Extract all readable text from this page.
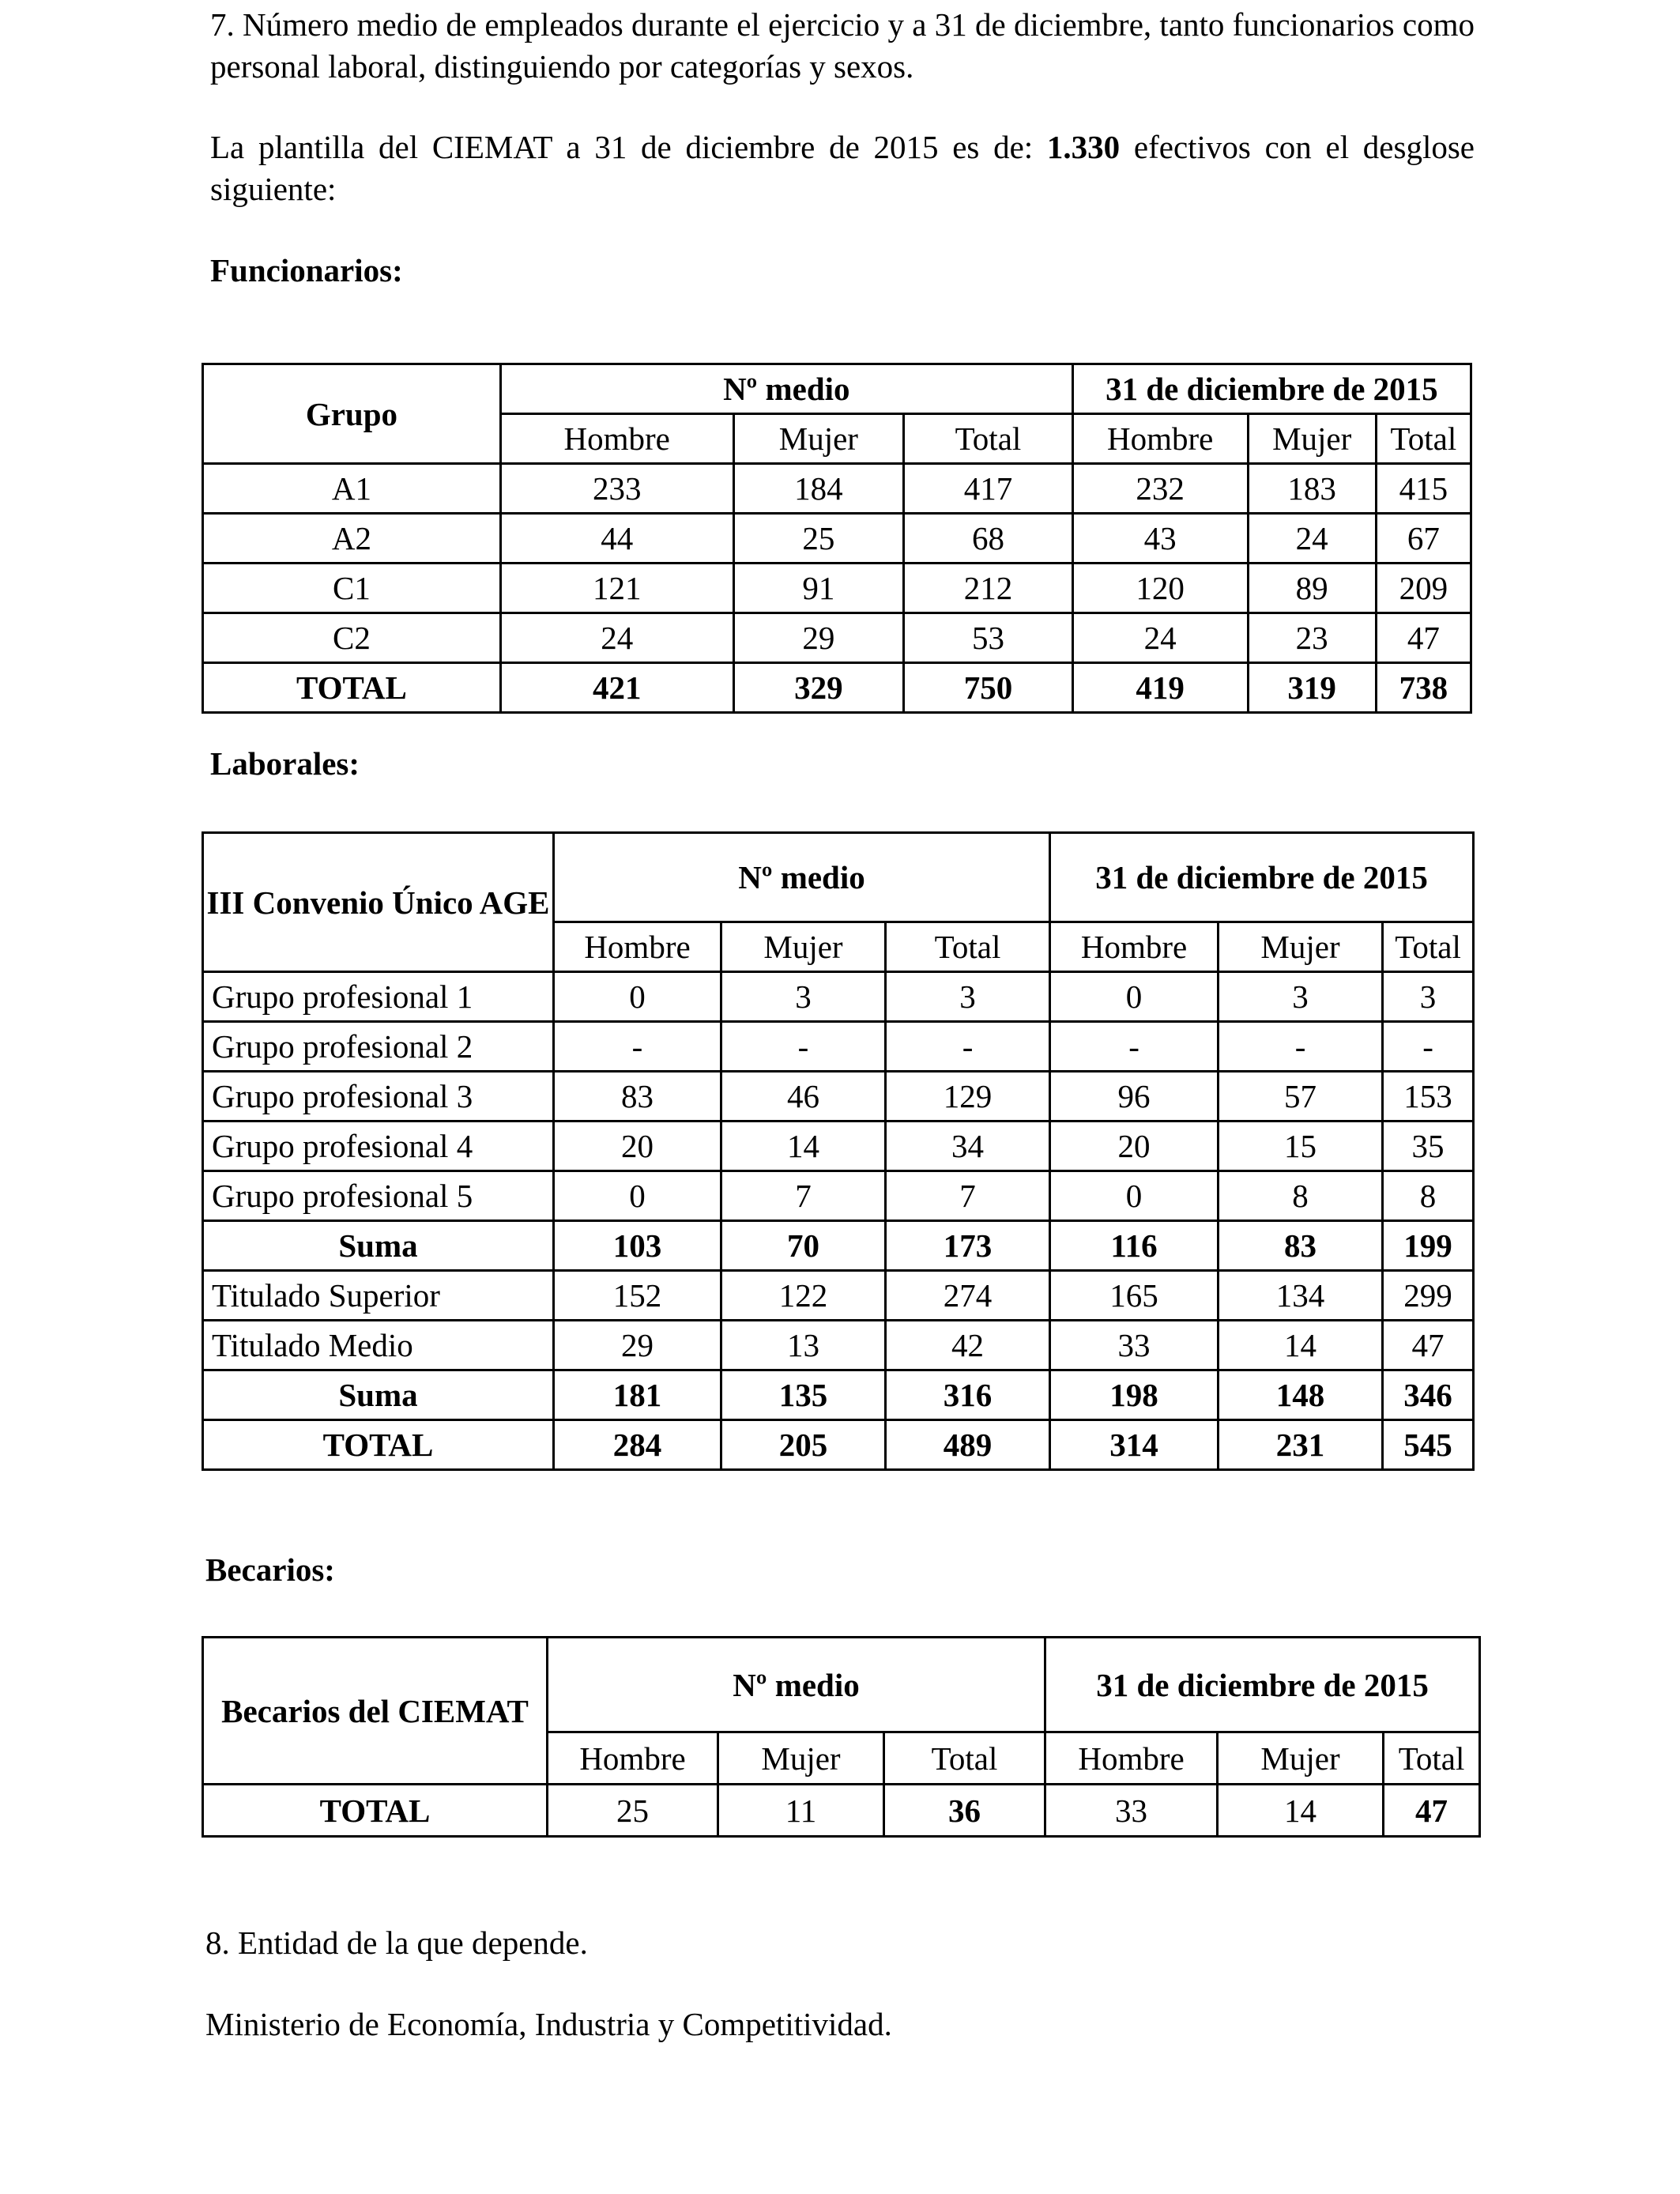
7. Número medio de empleados durante el ejercicio y a 31 de diciembre, tanto funcionarios como personal laboral, distinguiendo por categorías y sexos.

La plantilla del CIEMAT a 31 de diciembre de 2015 es de: 1.330 efectivos con el desglose siguiente:

Funcionarios:

Grupo	Nº medio			31 de diciembre de 2015		
	Hombre	Mujer	Total	Hombre	Mujer	Total
A1	233	184	417	232	183	415
A2	44	25	68	43	24	67
C1	121	91	212	120	89	209
C2	24	29	53	24	23	47
TOTAL	421	329	750	419	319	738

Laborales:

III Convenio Único AGE	Nº medio			31 de diciembre de 2015		
	Hombre	Mujer	Total	Hombre	Mujer	Total
Grupo profesional 1	0	3	3	0	3	3
Grupo profesional 2	-	-	-	-	-	-
Grupo profesional 3	83	46	129	96	57	153
Grupo profesional 4	20	14	34	20	15	35
Grupo profesional 5	0	7	7	0	8	8
Suma	103	70	173	116	83	199
Titulado Superior	152	122	274	165	134	299
Titulado Medio	29	13	42	33	14	47
Suma	181	135	316	198	148	346
TOTAL	284	205	489	314	231	545

Becarios:

Becarios del CIEMAT	Nº medio			31 de diciembre de 2015		
	Hombre	Mujer	Total	Hombre	Mujer	Total
TOTAL	25	11	36	33	14	47

8. Entidad de la que depende.

Ministerio de Economía, Industria y Competitividad.
